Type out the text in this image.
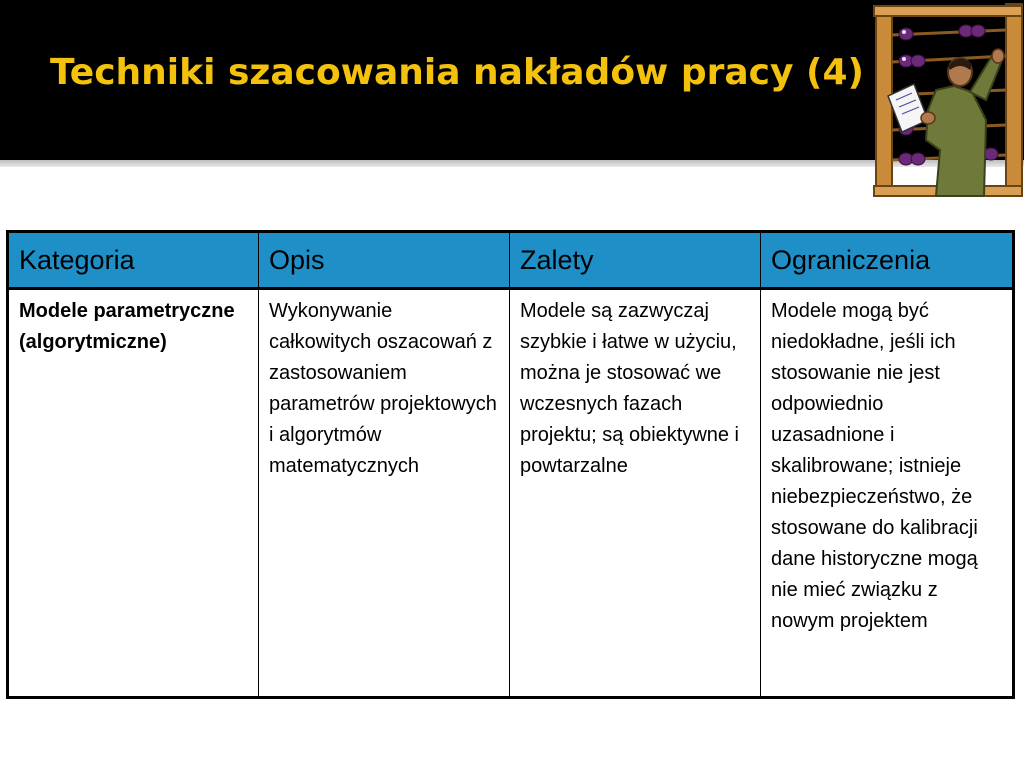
Techniki szacowania nakładów pracy (4)
Kategoria	Opis	Zalety	Ograniczenia
Modele parametryczne (algorytmiczne)	Wykonywanie całkowitych oszacowań z zastosowaniem parametrów projektowych i algorytmów matematycznych	Modele są zazwyczaj szybkie i łatwe w użyciu, można je stosować we wczesnych fazach projektu; są obiektywne i powtarzalne	Modele mogą być niedokładne, jeśli ich stosowanie nie jest odpowiednio uzasadnione i skalibrowane; istnieje niebezpieczeństwo, że stosowane do kalibracji dane historyczne mogą nie mieć związku z nowym projektem
